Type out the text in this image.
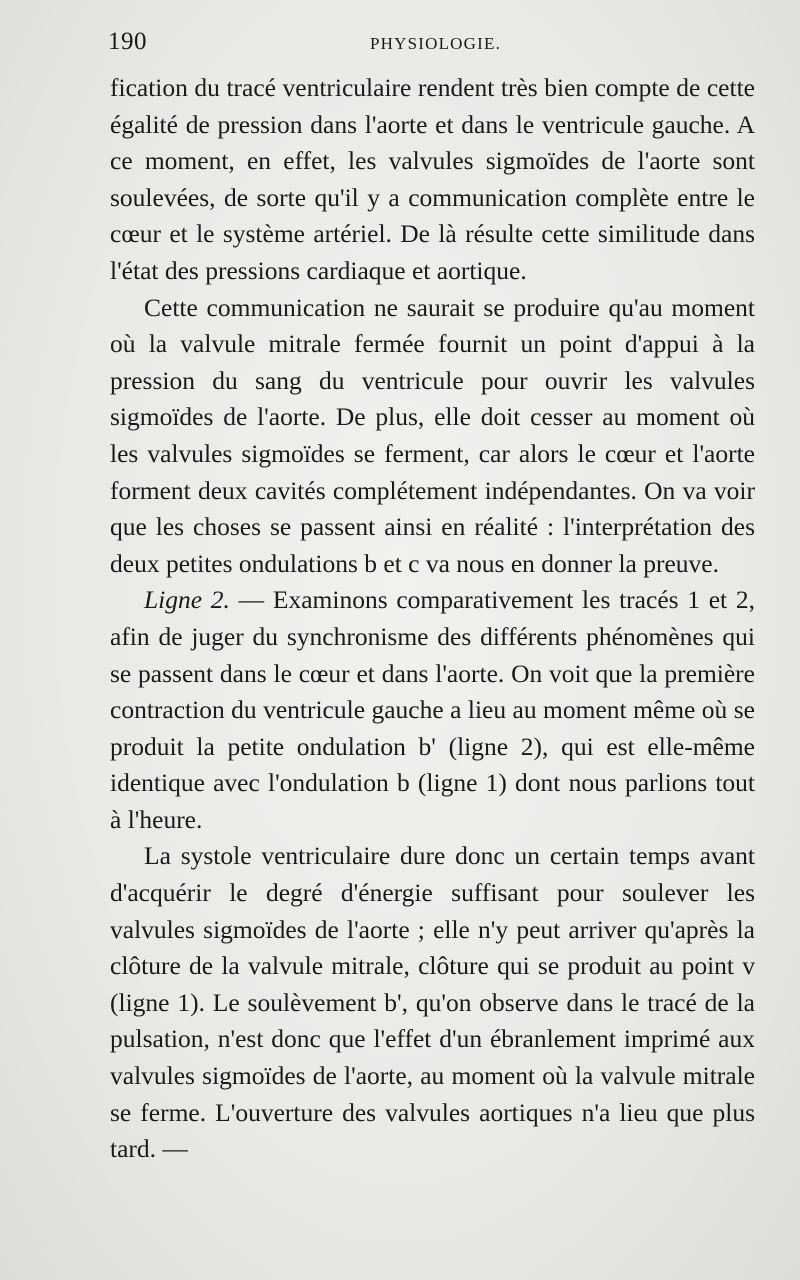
190	PHYSIOLOGIE.

fication du tracé ventriculaire rendent très bien compte de cette égalité de pression dans l'aorte et dans le ventricule gauche. A ce moment, en effet, les valvules sigmoïdes de l'aorte sont soulevées, de sorte qu'il y a communication complète entre le cœur et le système artériel. De là résulte cette similitude dans l'état des pressions cardiaque et aortique.

Cette communication ne saurait se produire qu'au moment où la valvule mitrale fermée fournit un point d'appui à la pression du sang du ventricule pour ouvrir les valvules sigmoïdes de l'aorte. De plus, elle doit cesser au moment où les valvules sigmoïdes se ferment, car alors le cœur et l'aorte forment deux cavités complétement indépendantes. On va voir que les choses se passent ainsi en réalité : l'interprétation des deux petites ondulations b et c va nous en donner la preuve.

Ligne 2. — Examinons comparativement les tracés 1 et 2, afin de juger du synchronisme des différents phénomènes qui se passent dans le cœur et dans l'aorte. On voit que la première contraction du ventricule gauche a lieu au moment même où se produit la petite ondulation b' (ligne 2), qui est elle-même identique avec l'ondulation b (ligne 1) dont nous parlions tout à l'heure.

La systole ventriculaire dure donc un certain temps avant d'acquérir le degré d'énergie suffisant pour soulever les valvules sigmoïdes de l'aorte ; elle n'y peut arriver qu'après la clôture de la valvule mitrale, clôture qui se produit au point v (ligne 1). Le soulèvement b', qu'on observe dans le tracé de la pulsation, n'est donc que l'effet d'un ébranlement imprimé aux valvules sigmoïdes de l'aorte, au moment où la valvule mitrale se ferme. L'ouverture des valvules aortiques n'a lieu que plus tard. —
